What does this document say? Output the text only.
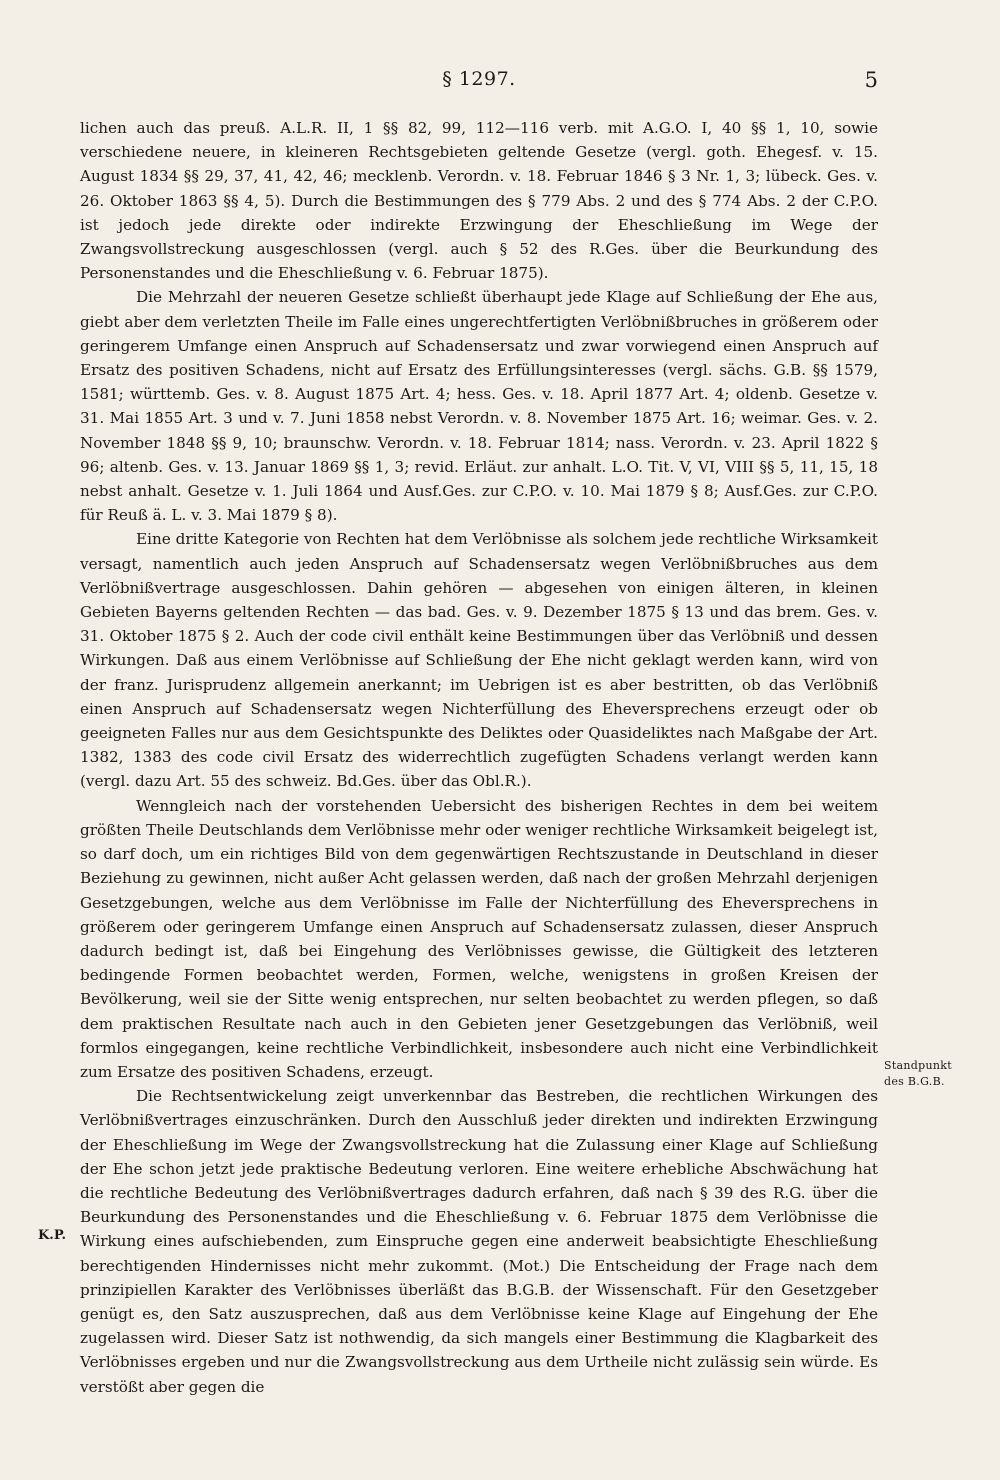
§ 1297.	5

lichen auch das preuß. A.L.R. II, 1 §§ 82, 99, 112—116 verb. mit A.G.O. I, 40 §§ 1, 10, sowie verschiedene neuere, in kleineren Rechtsgebieten geltende Gesetze (vergl. goth. Ehegesf. v. 15. August 1834 §§ 29, 37, 41, 42, 46; mecklenb. Verordn. v. 18. Februar 1846 § 3 Nr. 1, 3; lübeck. Ges. v. 26. Oktober 1863 §§ 4, 5). Durch die Bestimmungen des § 779 Abs. 2 und des § 774 Abs. 2 der C.P.O. ist jedoch jede direkte oder indirekte Erzwingung der Eheschließung im Wege der Zwangsvollstreckung ausgeschlossen (vergl. auch § 52 des R.Ges. über die Beurkundung des Personenstandes und die Eheschließung v. 6. Februar 1875).

Die Mehrzahl der neueren Gesetze schließt überhaupt jede Klage auf Schließung der Ehe aus, giebt aber dem verletzten Theile im Falle eines ungerechtfertigten Verlöbnißbruches in größerem oder geringerem Umfange einen Anspruch auf Schadensersatz und zwar vorwiegend einen Anspruch auf Ersatz des positiven Schadens, nicht auf Ersatz des Erfüllungsinteresses (vergl. sächs. G.B. §§ 1579, 1581; württemb. Ges. v. 8. August 1875 Art. 4; hess. Ges. v. 18. April 1877 Art. 4; oldenb. Gesetze v. 31. Mai 1855 Art. 3 und v. 7. Juni 1858 nebst Verordn. v. 8. November 1875 Art. 16; weimar. Ges. v. 2. November 1848 §§ 9, 10; braunschw. Verordn. v. 18. Februar 1814; nass. Verordn. v. 23. April 1822 § 96; altenb. Ges. v. 13. Januar 1869 §§ 1, 3; revid. Erläut. zur anhalt. L.O. Tit. V, VI, VIII §§ 5, 11, 15, 18 nebst anhalt. Gesetze v. 1. Juli 1864 und Ausf.Ges. zur C.P.O. v. 10. Mai 1879 § 8; Ausf.Ges. zur C.P.O. für Reuß ä. L. v. 3. Mai 1879 § 8).

Eine dritte Kategorie von Rechten hat dem Verlöbnisse als solchem jede rechtliche Wirksamkeit versagt, namentlich auch jeden Anspruch auf Schadensersatz wegen Verlöbnißbruches aus dem Verlöbnißvertrage ausgeschlossen. Dahin gehören — abgesehen von einigen älteren, in kleinen Gebieten Bayerns geltenden Rechten — das bad. Ges. v. 9. Dezember 1875 § 13 und das brem. Ges. v. 31. Oktober 1875 § 2. Auch der code civil enthält keine Bestimmungen über das Verlöbniß und dessen Wirkungen. Daß aus einem Verlöbnisse auf Schließung der Ehe nicht geklagt werden kann, wird von der franz. Jurisprudenz allgemein anerkannt; im Uebrigen ist es aber bestritten, ob das Verlöbniß einen Anspruch auf Schadensersatz wegen Nichterfüllung des Eheversprechens erzeugt oder ob geeigneten Falles nur aus dem Gesichtspunkte des Deliktes oder Quasideliktes nach Maßgabe der Art. 1382, 1383 des code civil Ersatz des widerrechtlich zugefügten Schadens verlangt werden kann (vergl. dazu Art. 55 des schweiz. Bd.Ges. über das Obl.R.).

Wenngleich nach der vorstehenden Uebersicht des bisherigen Rechtes in dem bei weitem größten Theile Deutschlands dem Verlöbnisse mehr oder weniger rechtliche Wirksamkeit beigelegt ist, so darf doch, um ein richtiges Bild von dem gegenwärtigen Rechtszustande in Deutschland in dieser Beziehung zu gewinnen, nicht außer Acht gelassen werden, daß nach der großen Mehrzahl derjenigen Gesetzgebungen, welche aus dem Verlöbnisse im Falle der Nichterfüllung des Eheversprechens in größerem oder geringerem Umfange einen Anspruch auf Schadensersatz zulassen, dieser Anspruch dadurch bedingt ist, daß bei Eingehung des Verlöbnisses gewisse, die Gültigkeit des letzteren bedingende Formen beobachtet werden, Formen, welche, wenigstens in großen Kreisen der Bevölkerung, weil sie der Sitte wenig entsprechen, nur selten beobachtet zu werden pflegen, so daß dem praktischen Resultate nach auch in den Gebieten jener Gesetzgebungen das Verlöbniß, weil formlos eingegangen, keine rechtliche Verbindlichkeit, insbesondere auch nicht eine Verbindlichkeit zum Ersatze des positiven Schadens, erzeugt.

Die Rechtsentwickelung zeigt unverkennbar das Bestreben, die rechtlichen Wirkungen des Verlöbnißvertrages einzuschränken. Durch den Ausschluß jeder direkten und indirekten Erzwingung der Eheschließung im Wege der Zwangsvollstreckung hat die Zulassung einer Klage auf Schließung der Ehe schon jetzt jede praktische Bedeutung verloren. Eine weitere erhebliche Abschwächung hat die rechtliche Bedeutung des Verlöbnißvertrages dadurch erfahren, daß nach § 39 des R.G. über die Beurkundung des Personenstandes und die Eheschließung v. 6. Februar 1875 dem Verlöbnisse die Wirkung eines aufschiebenden, zum Einspruche gegen eine anderweit beabsichtigte Eheschließung berechtigenden Hindernisses nicht mehr zukommt. (Mot.) Die Entscheidung der Frage nach dem prinzipiellen Karakter des Verlöbnisses überläßt das B.G.B. der Wissenschaft. Für den Gesetzgeber genügt es, den Satz auszusprechen, daß aus dem Verlöbnisse keine Klage auf Eingehung der Ehe zugelassen wird. Dieser Satz ist nothwendig, da sich mangels einer Bestimmung die Klagbarkeit des Verlöbnisses ergeben und nur die Zwangsvollstreckung aus dem Urtheile nicht zulässig sein würde. Es verstößt aber gegen die

Standpunkt
des B.G.B.
K.P.
